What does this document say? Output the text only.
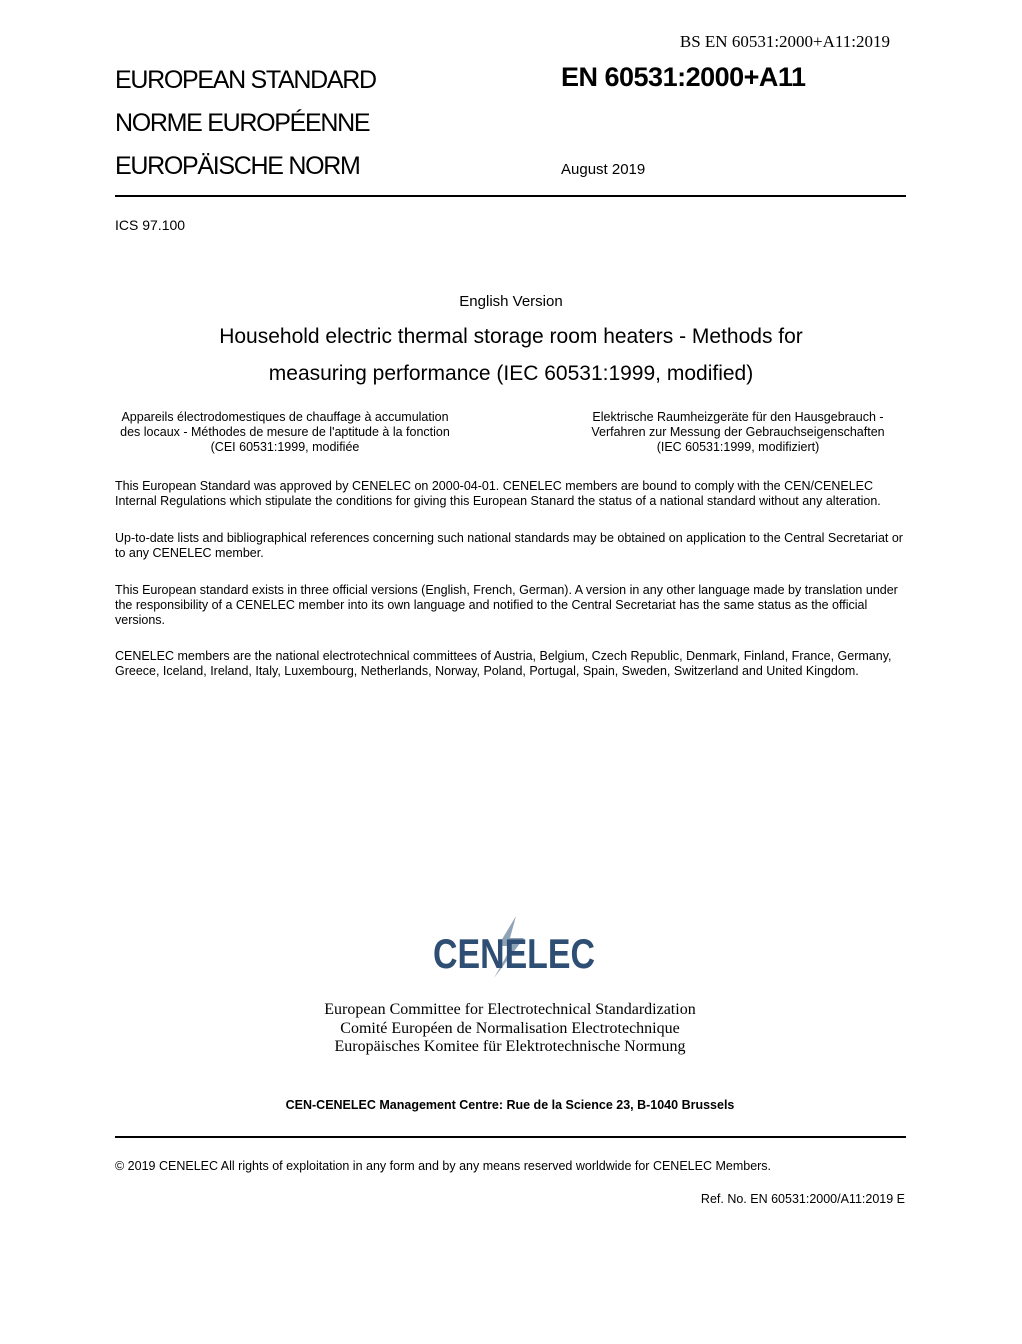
BS EN 60531:2000+A11:2019
EUROPEAN STANDARD
NORME EUROPÉENNE
EUROPÄISCHE NORM
EN 60531:2000+A11
August 2019
ICS 97.100
English Version
Household electric thermal storage room heaters - Methods for
measuring performance (IEC 60531:1999, modified)
Appareils électrodomestiques de chauffage à accumulation
des locaux - Méthodes de mesure de l'aptitude à la fonction
(CEI 60531:1999, modifiée
Elektrische Raumheizgeräte für den Hausgebrauch -
Verfahren zur Messung der Gebrauchseigenschaften
(IEC 60531:1999, modifiziert)
This European Standard was approved by CENELEC on 2000-04-01. CENELEC members are bound to comply with the CEN/CENELEC Internal Regulations which stipulate the conditions for giving this European Stanard the status of a national standard without any alteration.
Up-to-date lists and bibliographical references concerning such national standards may be obtained on application to the Central Secretariat or to any CENELEC member.
This European standard exists in three official versions (English, French, German). A version in any other language made by translation under the responsibility of a CENELEC member into its own language and notified to the Central Secretariat has the same status as the official versions.
CENELEC members are the national electrotechnical committees of Austria, Belgium, Czech Republic, Denmark, Finland, France, Germany, Greece, Iceland, Ireland, Italy, Luxembourg, Netherlands, Norway, Poland, Portugal, Spain, Sweden, Switzerland and United Kingdom.
CENELEC
European Committee for Electrotechnical Standardization
Comité Européen de Normalisation Electrotechnique
Europäisches Komitee für Elektrotechnische Normung
CEN-CENELEC Management Centre: Rue de la Science 23, B-1040 Brussels
© 2019 CENELEC All rights of exploitation in any form and by any means reserved worldwide for CENELEC Members.
Ref. No. EN 60531:2000/A11:2019 E
